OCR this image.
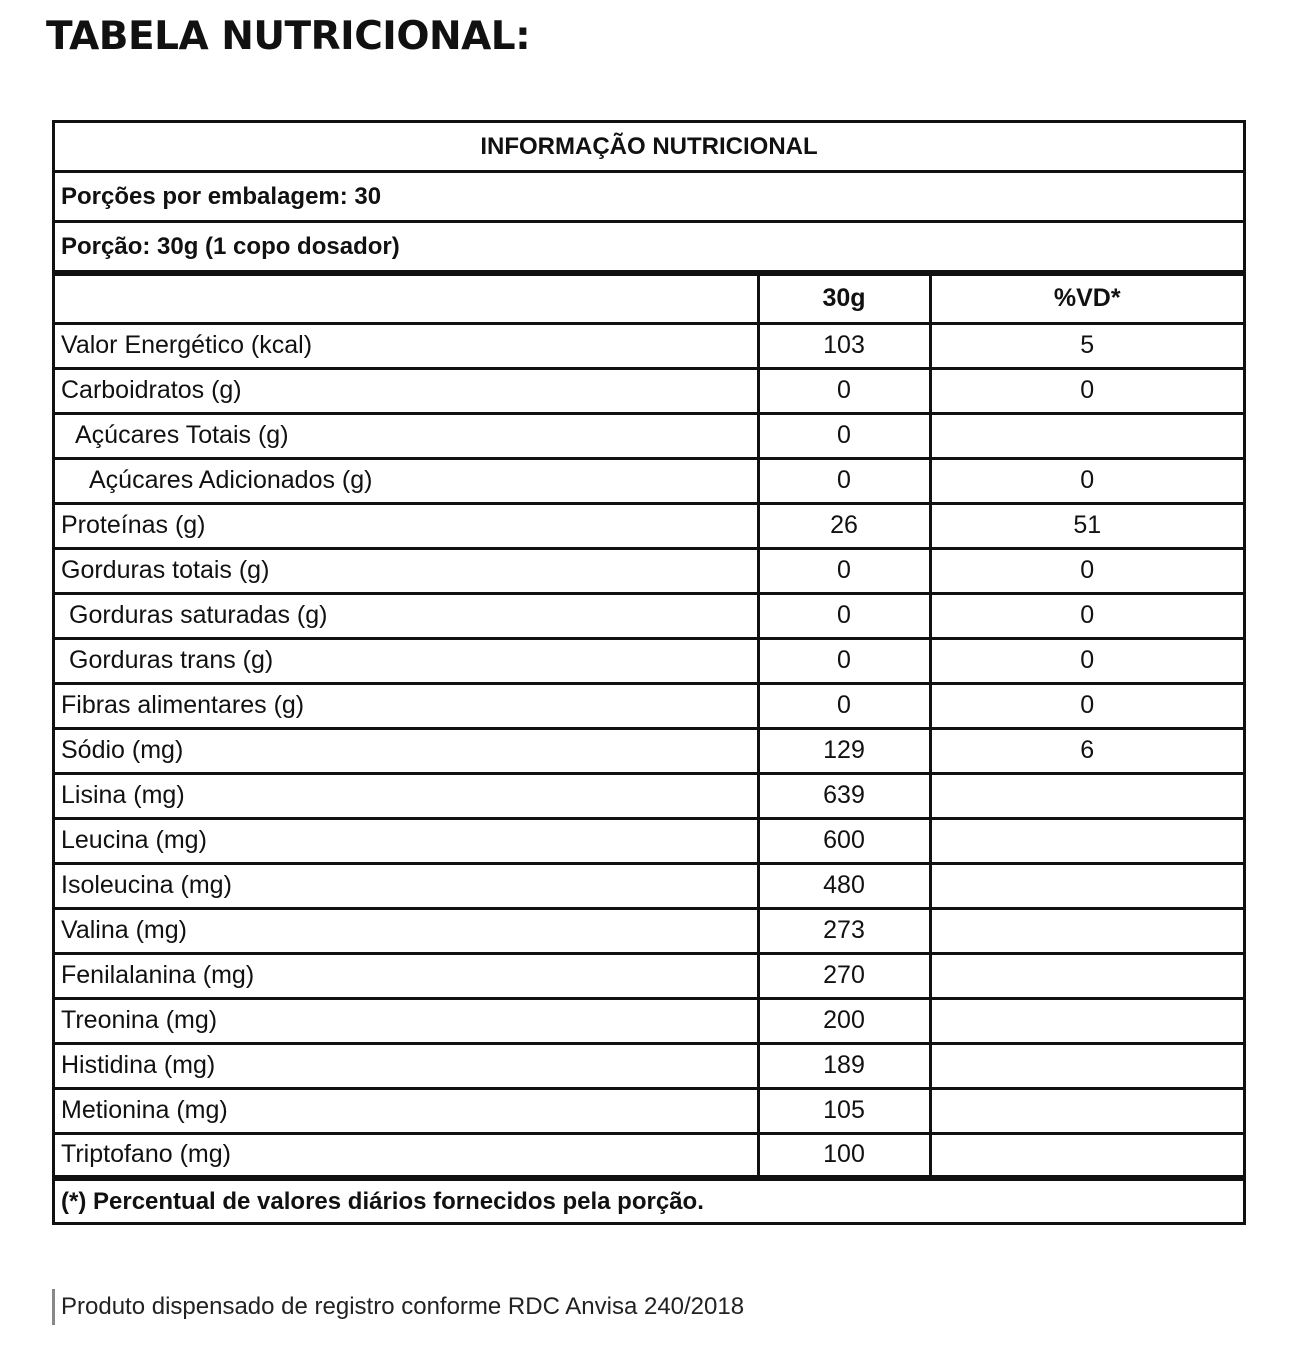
TABELA NUTRICIONAL:
INFORMAÇÃO NUTRICIONAL
Porções por embalagem: 30
Porção: 30g (1 copo dosador)
	30g	%VD*
Valor Energético (kcal)	103	5
Carboidratos (g)	0	0
Açúcares Totais (g)	0	
Açúcares Adicionados (g)	0	0
Proteínas (g)	26	51
Gorduras totais (g)	0	0
Gorduras saturadas (g)	0	0
Gorduras trans (g)	0	0
Fibras alimentares (g)	0	0
Sódio (mg)	129	6
Lisina (mg)	639	
Leucina (mg)	600	
Isoleucina (mg)	480	
Valina (mg)	273	
Fenilalanina (mg)	270	
Treonina (mg)	200	
Histidina (mg)	189	
Metionina (mg)	105	
Triptofano (mg)	100	
(*) Percentual de valores diários fornecidos pela porção.
Produto dispensado de registro conforme RDC Anvisa 240/2018
